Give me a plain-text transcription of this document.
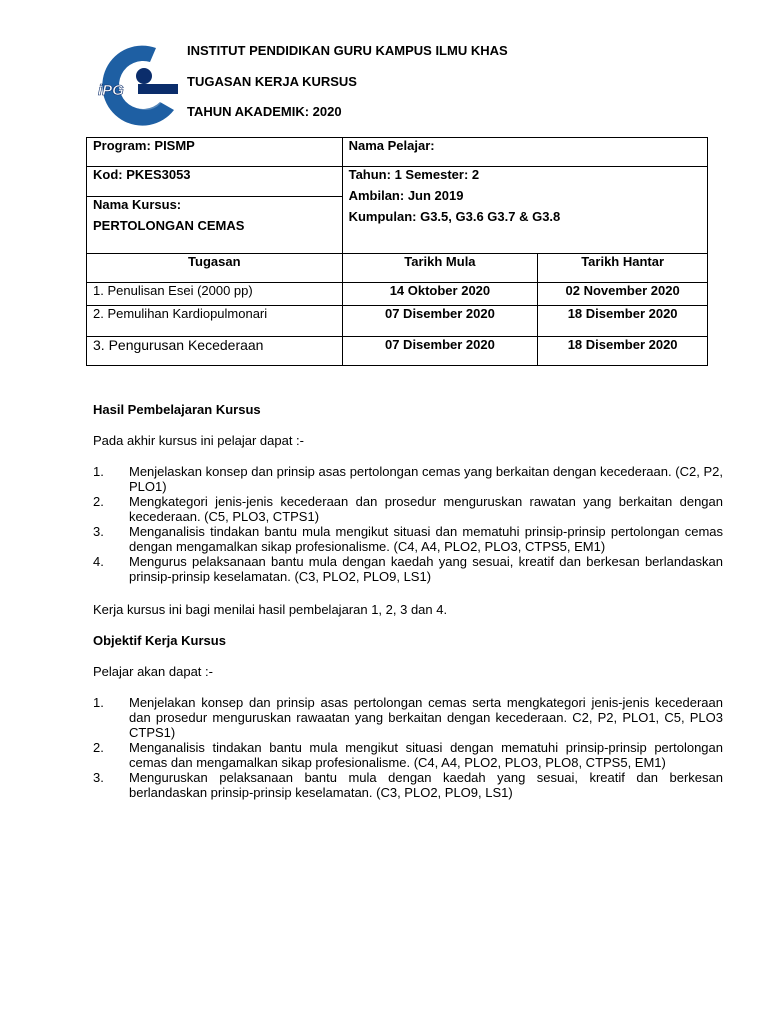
iPG
INSTITUT PENDIDIKAN GURU KAMPUS ILMU KHAS
TUGASAN KERJA KURSUS
TAHUN AKADEMIK: 2020
Program: PISMP	Nama Pelajar:	
Kod: PKES3053	Tahun: 1 Semester: 2
Ambilan: Jun 2019
Kumpulan: G3.5, G3.6 G3.7 & G3.8	

Nama Kursus:
PERTOLONGAN CEMAS		

Tugasan	Tarikh Mula	Tarikh Hantar
1. Penulisan Esei (2000 pp)	14 Oktober 2020	02 November 2020
2. Pemulihan Kardiopulmonari	07 Disember 2020	18 Disember 2020
3. Pengurusan Kecederaan	07 Disember 2020	18 Disember 2020
Hasil Pembelajaran Kursus
Pada akhir kursus ini pelajar dapat :-
1. Menjelaskan konsep dan prinsip asas pertolongan cemas yang berkaitan dengan kecederaan. (C2, P2, PLO1)
2. Mengkategori jenis-jenis kecederaan dan prosedur menguruskan rawatan yang berkaitan dengan kecederaan. (C5, PLO3, CTPS1)
3. Menganalisis tindakan bantu mula mengikut situasi dan mematuhi prinsip-prinsip pertolongan cemas dengan mengamalkan sikap profesionalisme. (C4, A4, PLO2, PLO3, CTPS5, EM1)
4. Mengurus pelaksanaan bantu mula dengan kaedah yang sesuai, kreatif dan berkesan berlandaskan prinsip-prinsip keselamatan. (C3, PLO2, PLO9, LS1)
Kerja kursus ini bagi menilai hasil pembelajaran 1, 2, 3 dan 4.
Objektif Kerja Kursus
Pelajar akan dapat :-
1. Menjelakan konsep dan prinsip asas pertolongan cemas serta mengkategori jenis-jenis kecederaan dan prosedur menguruskan rawaatan yang berkaitan dengan kecederaan. C2, P2, PLO1, C5, PLO3 CTPS1)
2. Menganalisis tindakan bantu mula mengikut situasi dengan mematuhi prinsip-prinsip pertolongan cemas dan mengamalkan sikap profesionalisme. (C4, A4, PLO2, PLO3, PLO8, CTPS5, EM1)
3. Menguruskan pelaksanaan bantu mula dengan kaedah yang sesuai, kreatif dan berkesan berlandaskan prinsip-prinsip keselamatan. (C3, PLO2, PLO9, LS1)
